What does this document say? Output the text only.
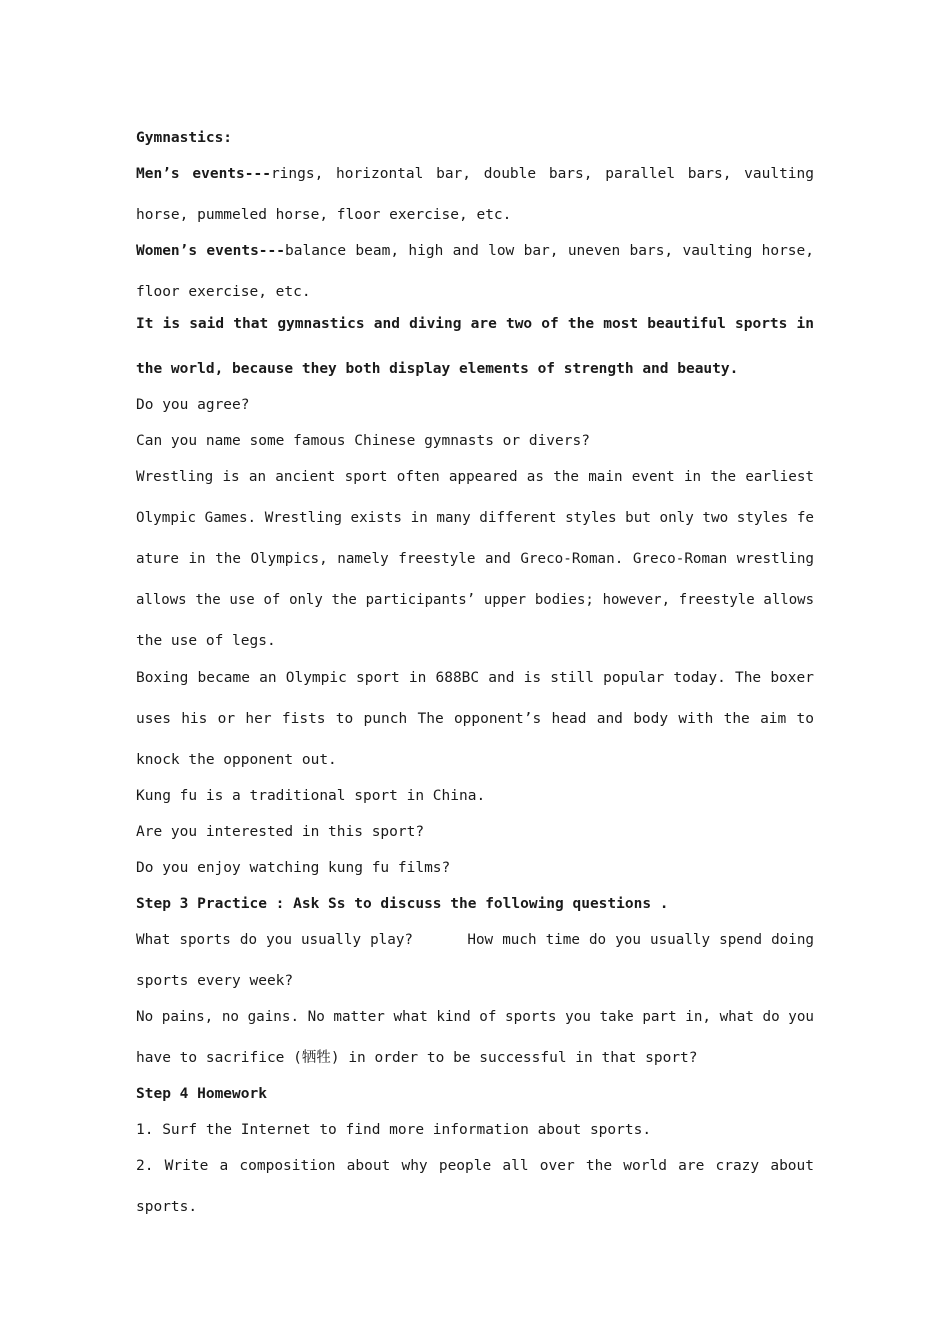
Gymnastics:
Men’s events---rings, horizontal bar, double bars, parallel bars, vaulting
horse, pummeled horse, floor exercise, etc.
Women’s events---balance beam, high and low bar, uneven bars, vaulting horse,
floor exercise, etc.
It is said that gymnastics and diving are two of the most beautiful sports in
the world, because they both display elements of strength and beauty.
Do you agree?
Can you name some famous Chinese gymnasts or divers?
Wrestling is an ancient sport often appeared as the main event in the earliest
Olympic Games. Wrestling exists in many different styles but only two styles fe
ature in the Olympics, namely freestyle and Greco-Roman. Greco-Roman wrestling
allows the use of only the participants’ upper bodies; however, freestyle allows
the use of legs.
Boxing became an Olympic sport in 688BC and is still popular today. The boxer
uses his or her fists to punch The opponent’s head and body with the aim to
knock the opponent out.
Kung fu is a traditional sport in China.
Are you interested in this sport?
Do you enjoy watching kung fu films?
Step 3 Practice : Ask Ss to discuss the following questions .
What sports do you usually play?      How much time do you usually spend doing
sports every week?
No pains, no gains. No matter what kind of sports you take part in, what do you
have to sacrifice (牺牲) in order to be successful in that sport?
Step 4 Homework
1. Surf the Internet to find more information about sports.
2. Write a composition about why people all over the world are crazy about
sports.
